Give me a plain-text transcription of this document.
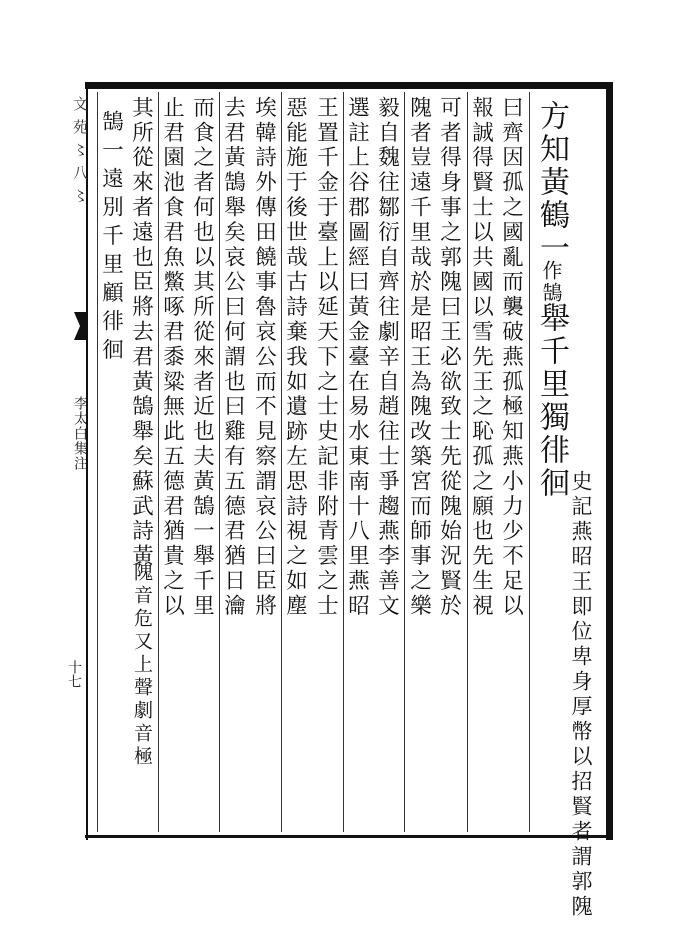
方知黃鶴一
作鵠
舉千里獨徘徊
史記燕昭王即位卑身厚幣以招賢者謂郭隗
曰齊因孤之國亂而襲破燕孤極知燕小力少不足以
報誠得賢士以共國以雪先王之恥孤之願也先生視
可者得身事之郭隗曰王必欲致士先從隗始況賢於
隗者豈遠千里哉於是昭王為隗改築宮而師事之樂
毅自魏往鄒衍自齊往劇辛自趙往士爭趨燕李善文
選註上谷郡圖經曰黃金臺在易水東南十八里燕昭
王置千金于臺上以延天下之士史記非附青雲之士
惡能施于後世哉古詩棄我如遺跡左思詩視之如塵
埃韓詩外傳田饒事魯哀公而不見察謂哀公曰臣將
去君黃鵠舉矣哀公曰何謂也曰雞有五德君猶日瀹
而食之者何也以其所從來者近也夫黃鵠一舉千里
止君園池食君魚鱉啄君黍粱無此五德君猶貴之以
其所從來者遠也臣將去君黃鵠舉矣蘇武詩黃
隗音危又上聲劇音極
鵠一遠別千里顧徘徊
文苑〻八〻
李太白集注
十七
